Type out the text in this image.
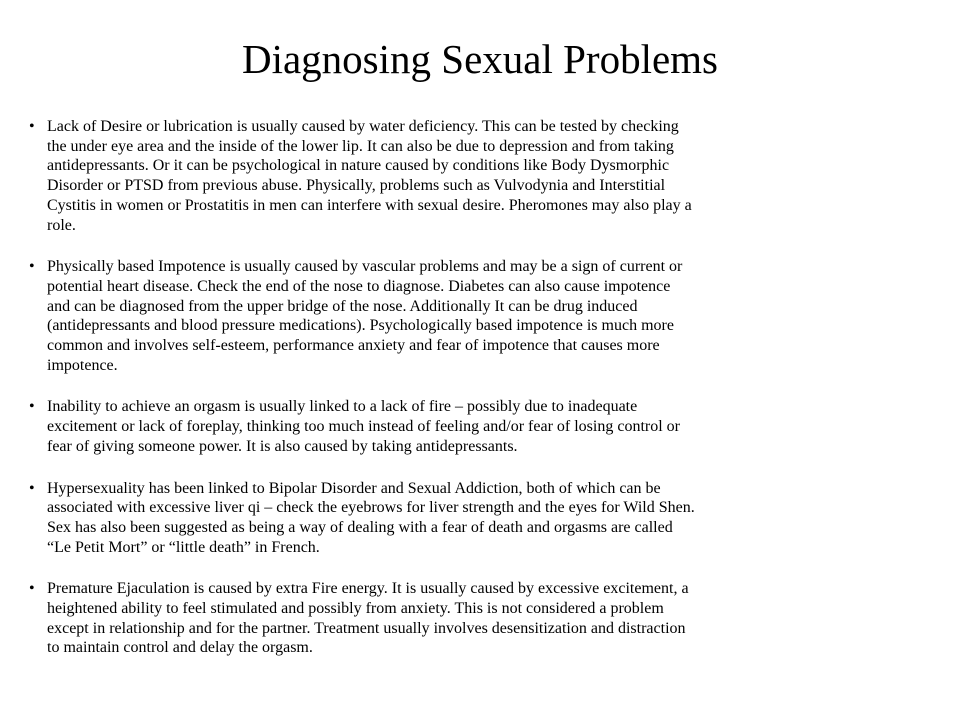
Diagnosing Sexual Problems
• Lack of Desire or lubrication is usually caused by water deficiency. This can be tested by checking
the under eye area and the inside of the lower lip. It can also be due to depression and from taking
antidepressants. Or it can be psychological in nature caused by conditions like Body Dysmorphic
Disorder or PTSD from previous abuse. Physically, problems such as Vulvodynia and Interstitial
Cystitis in women or Prostatitis in men can interfere with sexual desire. Pheromones may also play a
role.
• Physically based Impotence is usually caused by vascular problems and may be a sign of current or
potential heart disease. Check the end of the nose to diagnose. Diabetes can also cause impotence
and can be diagnosed from the upper bridge of the nose. Additionally It can be drug induced
(antidepressants and blood pressure medications). Psychologically based impotence is much more
common and involves self-esteem, performance anxiety and fear of impotence that causes more
impotence.
• Inability to achieve an orgasm is usually linked to a lack of fire – possibly due to inadequate
excitement or lack of foreplay, thinking too much instead of feeling and/or fear of losing control or
fear of giving someone power. It is also caused by taking antidepressants.
• Hypersexuality has been linked to Bipolar Disorder and Sexual Addiction, both of which can be
associated with excessive liver qi – check the eyebrows for liver strength and the eyes for Wild Shen.
Sex has also been suggested as being a way of dealing with a fear of death and orgasms are called
“Le Petit Mort” or “little death” in French.
• Premature Ejaculation is caused by extra Fire energy. It is usually caused by excessive excitement, a
heightened ability to feel stimulated and possibly from anxiety. This is not considered a problem
except in relationship and for the partner. Treatment usually involves desensitization and distraction
to maintain control and delay the orgasm.
